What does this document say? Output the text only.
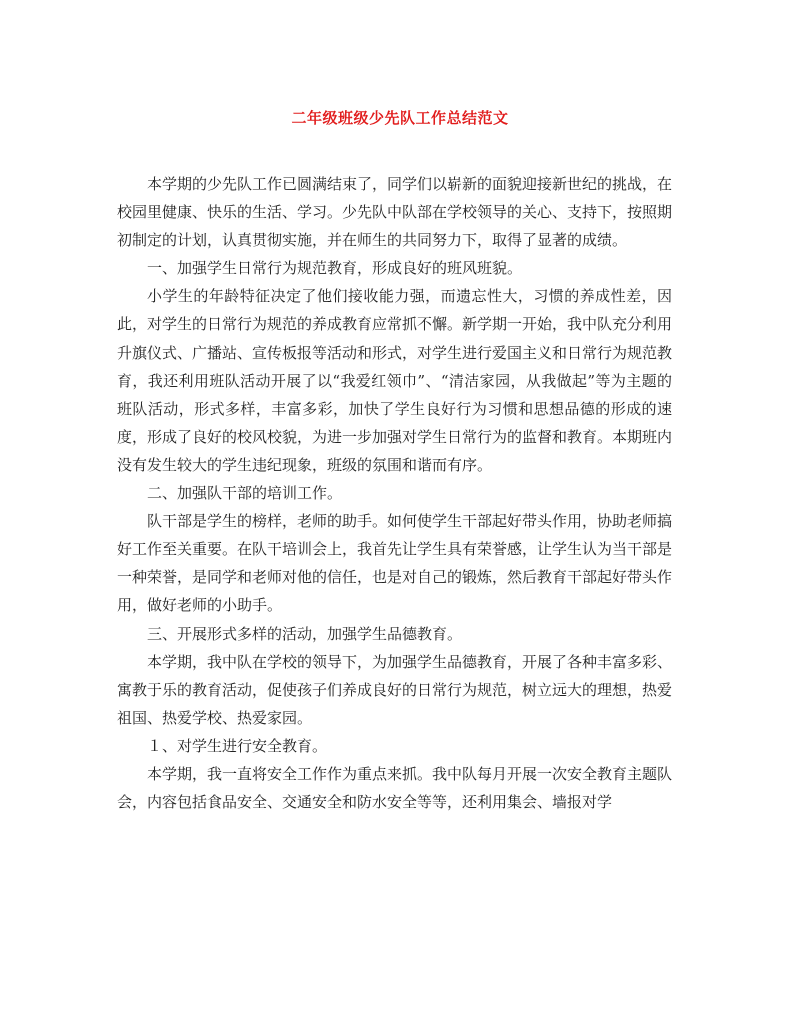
二年级班级少先队工作总结范文

本学期的少先队工作已圆满结束了，同学们以崭新的面貌迎接新世纪的挑战，在校园里健康、快乐的生活、学习。少先队中队部在学校领导的关心、支持下，按照期初制定的计划，认真贯彻实施，并在师生的共同努力下，取得了显著的成绩。

一、加强学生日常行为规范教育，形成良好的班风班貌。

小学生的年龄特征决定了他们接收能力强，而遗忘性大，习惯的养成性差，因此，对学生的日常行为规范的养成教育应常抓不懈。新学期一开始，我中队充分利用升旗仪式、广播站、宣传板报等活动和形式，对学生进行爱国主义和日常行为规范教育，我还利用班队活动开展了以“我爱红领巾”、“清洁家园，从我做起”等为主题的班队活动，形式多样，丰富多彩，加快了学生良好行为习惯和思想品德的形成的速度，形成了良好的校风校貌，为进一步加强对学生日常行为的监督和教育。本期班内没有发生较大的学生违纪现象，班级的氛围和谐而有序。

二、加强队干部的培训工作。

队干部是学生的榜样，老师的助手。如何使学生干部起好带头作用，协助老师搞好工作至关重要。在队干培训会上，我首先让学生具有荣誉感，让学生认为当干部是一种荣誉，是同学和老师对他的信任，也是对自己的锻炼，然后教育干部起好带头作用，做好老师的小助手。

三、开展形式多样的活动，加强学生品德教育。

本学期，我中队在学校的领导下，为加强学生品德教育，开展了各种丰富多彩、寓教于乐的教育活动，促使孩子们养成良好的日常行为规范，树立远大的理想，热爱祖国、热爱学校、热爱家园。

１、对学生进行安全教育。

本学期，我一直将安全工作作为重点来抓。我中队每月开展一次安全教育主题队会，内容包括食品安全、交通安全和防水安全等等，还利用集会、墙报对学
